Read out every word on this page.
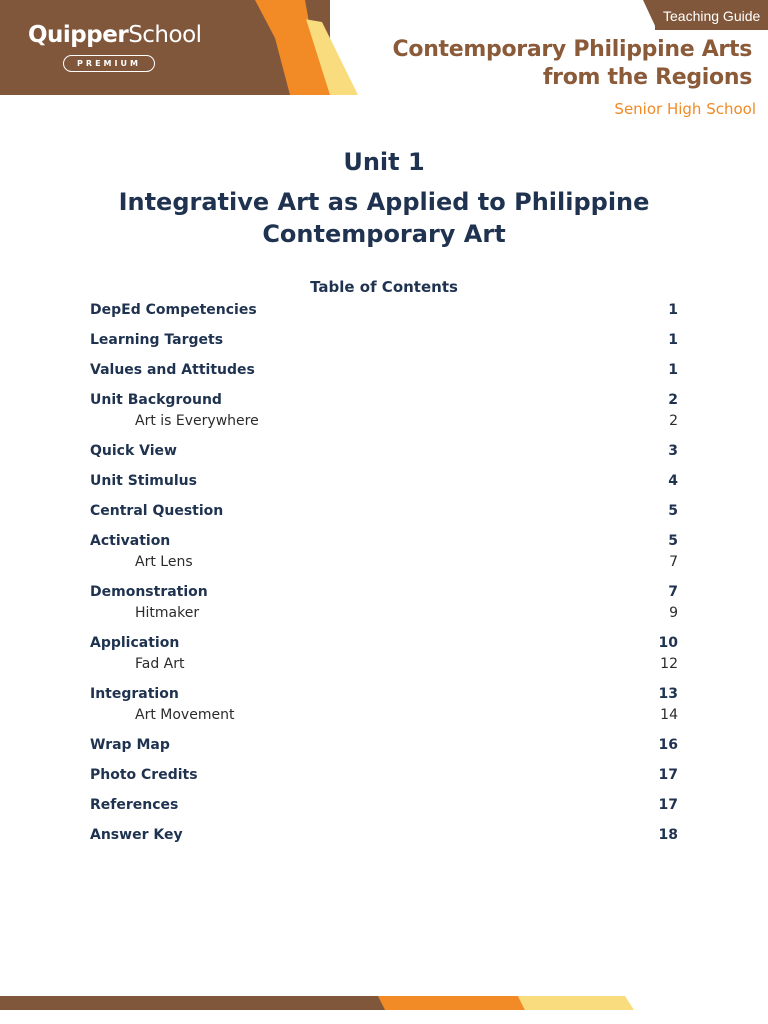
QuipperSchool
PREMIUM
Teaching Guide
Contemporary Philippine Arts
from the Regions
Senior High School
Unit 1
Integrative Art as Applied to Philippine Contemporary Art
Table of Contents
DepEd Competencies	1
Learning Targets	1
Values and Attitudes	1
Unit Background	2
Art is Everywhere	2
Quick View	3
Unit Stimulus	4
Central Question	5
Activation	5
Art Lens	7
Demonstration	7
Hitmaker	9
Application	10
Fad Art	12
Integration	13
Art Movement	14
Wrap Map	16
Photo Credits	17
References	17
Answer Key	18
